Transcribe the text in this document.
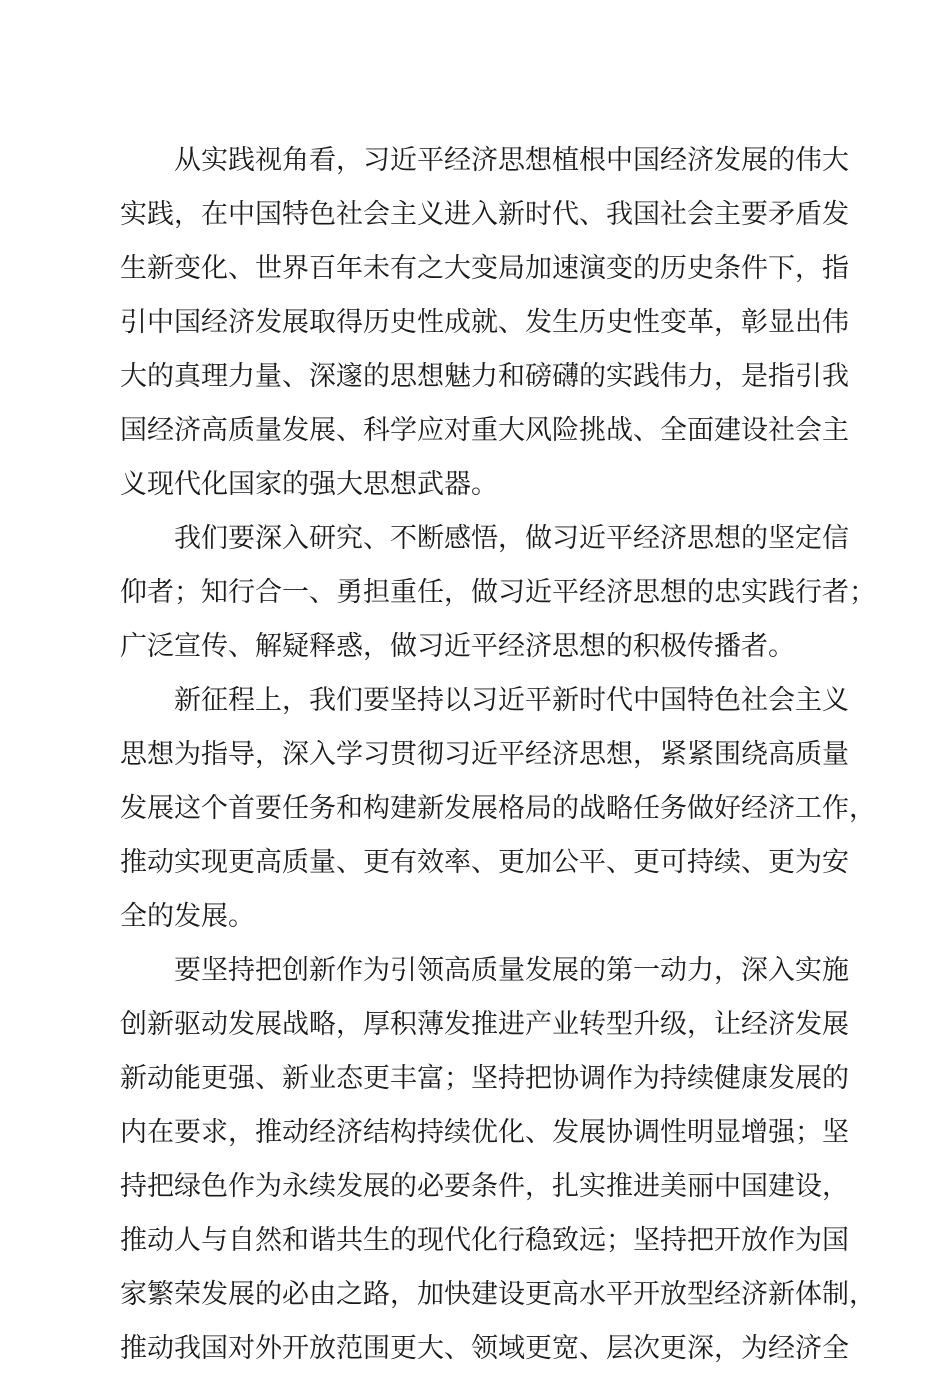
从实践视角看，习近平经济思想植根中国经济发展的伟大
实践，在中国特色社会主义进入新时代、我国社会主要矛盾发
生新变化、世界百年未有之大变局加速演变的历史条件下，指
引中国经济发展取得历史性成就、发生历史性变革，彰显出伟
大的真理力量、深邃的思想魅力和磅礴的实践伟力，是指引我
国经济高质量发展、科学应对重大风险挑战、全面建设社会主
义现代化国家的强大思想武器。
我们要深入研究、不断感悟，做习近平经济思想的坚定信
仰者；知行合一、勇担重任，做习近平经济思想的忠实践行者；
广泛宣传、解疑释惑，做习近平经济思想的积极传播者。
新征程上，我们要坚持以习近平新时代中国特色社会主义
思想为指导，深入学习贯彻习近平经济思想，紧紧围绕高质量
发展这个首要任务和构建新发展格局的战略任务做好经济工作，
推动实现更高质量、更有效率、更加公平、更可持续、更为安
全的发展。
要坚持把创新作为引领高质量发展的第一动力，深入实施
创新驱动发展战略，厚积薄发推进产业转型升级，让经济发展
新动能更强、新业态更丰富；坚持把协调作为持续健康发展的
内在要求，推动经济结构持续优化、发展协调性明显增强；坚
持把绿色作为永续发展的必要条件，扎实推进美丽中国建设，
推动人与自然和谐共生的现代化行稳致远；坚持把开放作为国
家繁荣发展的必由之路，加快建设更高水平开放型经济新体制，
推动我国对外开放范围更大、领域更宽、层次更深，为经济全
